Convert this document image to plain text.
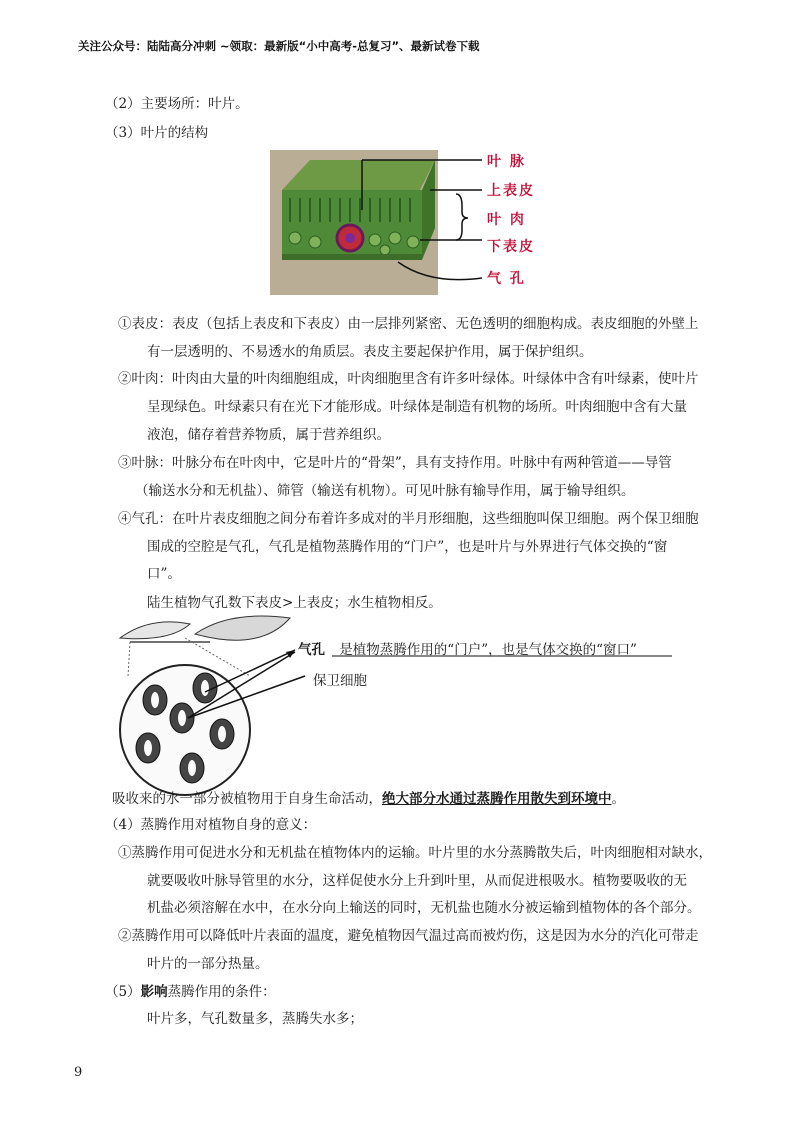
关注公众号：陆陆高分冲刺 ~领取：最新版“小中高考-总复习”、最新试卷下载
（2）主要场所：叶片。
（3）叶片的结构
叶 脉
上表皮
叶 肉
下表皮
气 孔
①表皮：表皮（包括上表皮和下表皮）由一层排列紧密、无色透明的细胞构成。表皮细胞的外壁上
有一层透明的、不易透水的角质层。表皮主要起保护作用，属于保护组织。
②叶肉：叶肉由大量的叶肉细胞组成，叶肉细胞里含有许多叶绿体。叶绿体中含有叶绿素，使叶片
呈现绿色。叶绿素只有在光下才能形成。叶绿体是制造有机物的场所。叶肉细胞中含有大量
液泡，储存着营养物质，属于营养组织。
③叶脉：叶脉分布在叶肉中，它是叶片的“骨架”，具有支持作用。叶脉中有两种管道——导管
（输送水分和无机盐）、筛管（输送有机物）。可见叶脉有输导作用，属于输导组织。
④气孔：在叶片表皮细胞之间分布着许多成对的半月形细胞，这些细胞叫保卫细胞。两个保卫细胞
围成的空腔是气孔，气孔是植物蒸腾作用的“门户”，也是叶片与外界进行气体交换的“窗
口”。
陆生植物气孔数下表皮>上表皮；水生植物相反。
气孔 是植物蒸腾作用的“门户”，也是气体交换的“窗口”
保卫细胞
吸收来的水一部分被植物用于自身生命活动，绝大部分水通过蒸腾作用散失到环境中。
（4）蒸腾作用对植物自身的意义：
①蒸腾作用可促进水分和无机盐在植物体内的运输。叶片里的水分蒸腾散失后，叶肉细胞相对缺水，
就要吸收叶脉导管里的水分，这样促使水分上升到叶里，从而促进根吸水。植物要吸收的无
机盐必须溶解在水中，在水分向上输送的同时，无机盐也随水分被运输到植物体的各个部分。
②蒸腾作用可以降低叶片表面的温度，避免植物因气温过高而被灼伤，这是因为水分的汽化可带走
叶片的一部分热量。
（5）影响蒸腾作用的条件：
叶片多，气孔数量多，蒸腾失水多；
9
